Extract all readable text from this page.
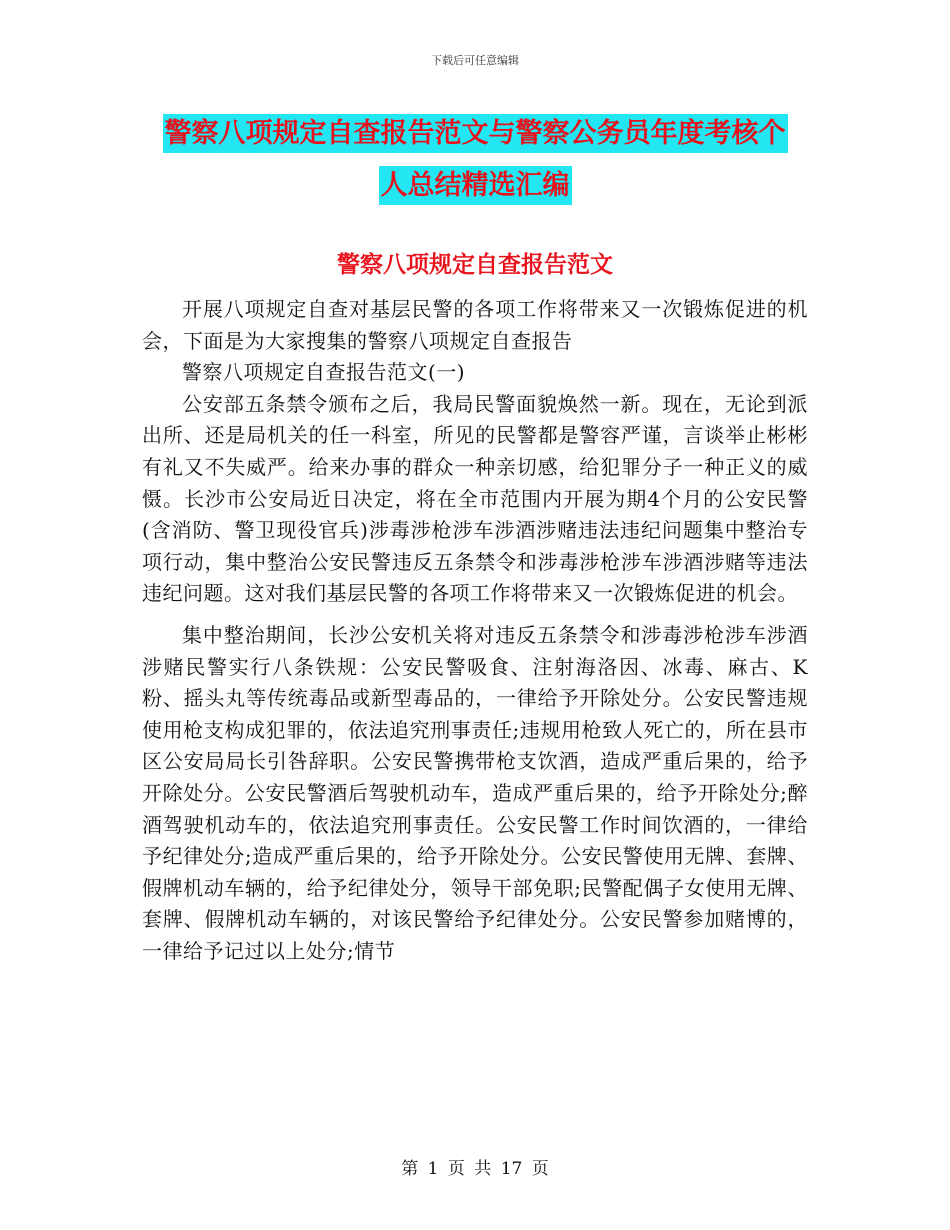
下载后可任意编辑
警察八项规定自查报告范文与警察公务员年度考核个
人总结精选汇编
警察八项规定自查报告范文

开展八项规定自查对基层民警的各项工作将带来又一次锻炼促进的机会，下面是为大家搜集的警察八项规定自查报告

警察八项规定自查报告范文(一)

公安部五条禁令颁布之后，我局民警面貌焕然一新。现在，无论到派出所、还是局机关的任一科室，所见的民警都是警容严谨，言谈举止彬彬有礼又不失威严。给来办事的群众一种亲切感，给犯罪分子一种正义的威慑。长沙市公安局近日决定，将在全市范围内开展为期4个月的公安民警(含消防、警卫现役官兵)涉毒涉枪涉车涉酒涉赌违法违纪问题集中整治专项行动，集中整治公安民警违反五条禁令和涉毒涉枪涉车涉酒涉赌等违法违纪问题。这对我们基层民警的各项工作将带来又一次锻炼促进的机会。

集中整治期间，长沙公安机关将对违反五条禁令和涉毒涉枪涉车涉酒涉赌民警实行八条铁规：公安民警吸食、注射海洛因、冰毒、麻古、K粉、摇头丸等传统毒品或新型毒品的，一律给予开除处分。公安民警违规使用枪支构成犯罪的，依法追究刑事责任;违规用枪致人死亡的，所在县市区公安局局长引咎辞职。公安民警携带枪支饮酒，造成严重后果的，给予开除处分。公安民警酒后驾驶机动车，造成严重后果的，给予开除处分;醉酒驾驶机动车的，依法追究刑事责任。公安民警工作时间饮酒的，一律给予纪律处分;造成严重后果的，给予开除处分。公安民警使用无牌、套牌、假牌机动车辆的，给予纪律处分，领导干部免职;民警配偶子女使用无牌、套牌、假牌机动车辆的，对该民警给予纪律处分。公安民警参加赌博的，一律给予记过以上处分;情节

第 1 页 共 17 页
